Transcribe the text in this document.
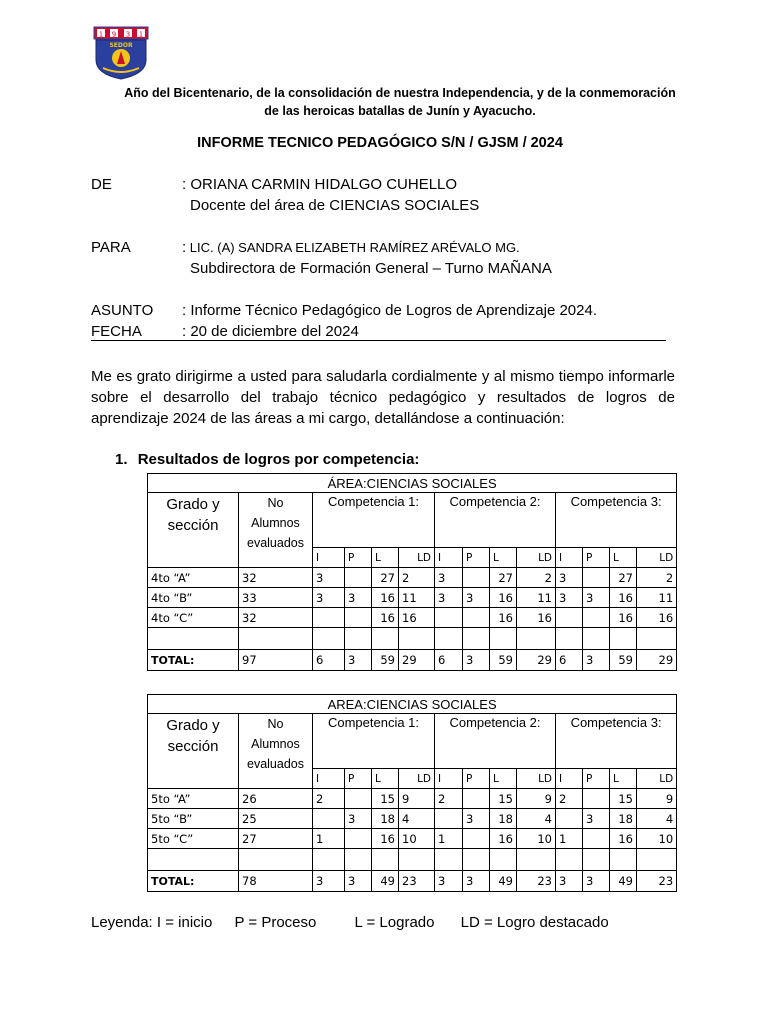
1 9 3 1
SEDOR
Año del Bicentenario, de la consolidación de nuestra Independencia, y de la conmemoración de las heroicas batallas de Junín y Ayacucho.
INFORME TECNICO PEDAGÓGICO S/N / GJSM / 2024
DE	: ORIANA CARMIN HIDALGO CUHELLO
Docente del área de CIENCIAS SOCIALES
PARA	: LIC. (A) SANDRA ELIZABETH RAMÍREZ ARÉVALO MG.
Subdirectora de Formación General – Turno MAÑANA
ASUNTO : Informe Técnico Pedagógico de Logros de Aprendizaje 2024.
FECHA	: 20 de diciembre del 2024
Me es grato dirigirme a usted para saludarla cordialmente y al mismo tiempo informarle sobre el desarrollo del trabajo técnico pedagógico y resultados de logros de aprendizaje 2024 de las áreas a mi cargo, detallándose a continuación:
1. Resultados de logros por competencia:
ÁREA:CIENCIAS SOCIALES													
Grado y sección	No Alumnos evaluados	Competencia 1:				Competencia 2:				Competencia 3:			
		I	P	L	LD	I	P	L	LD	I	P	L	LD
4to “A”	32	3		27	2	3		27	2	3		27	2
4to “B”	33	3	3	16	11	3	3	16	11	3	3	16	11
4to “C”	32			16	16			16	16			16	16

TOTAL:	97	6	3	59	29	6	3	59	29	6	3	59	29
AREA:CIENCIAS SOCIALES													
Grado y sección	No Alumnos evaluados	Competencia 1:				Competencia 2:				Competencia 3:			
		I	P	L	LD	I	P	L	LD	I	P	L	LD
5to “A”	26	2		15	9	2		15	9	2		15	9
5to “B”	25		3	18	4		3	18	4		3	18	4
5to “C”	27	1		16	10	1		16	10	1		16	10

TOTAL:	78	3	3	49	23	3	3	49	23	3	3	49	23
Leyenda: I = inicio P = Proceso	L = Logrado LD = Logro destacado
